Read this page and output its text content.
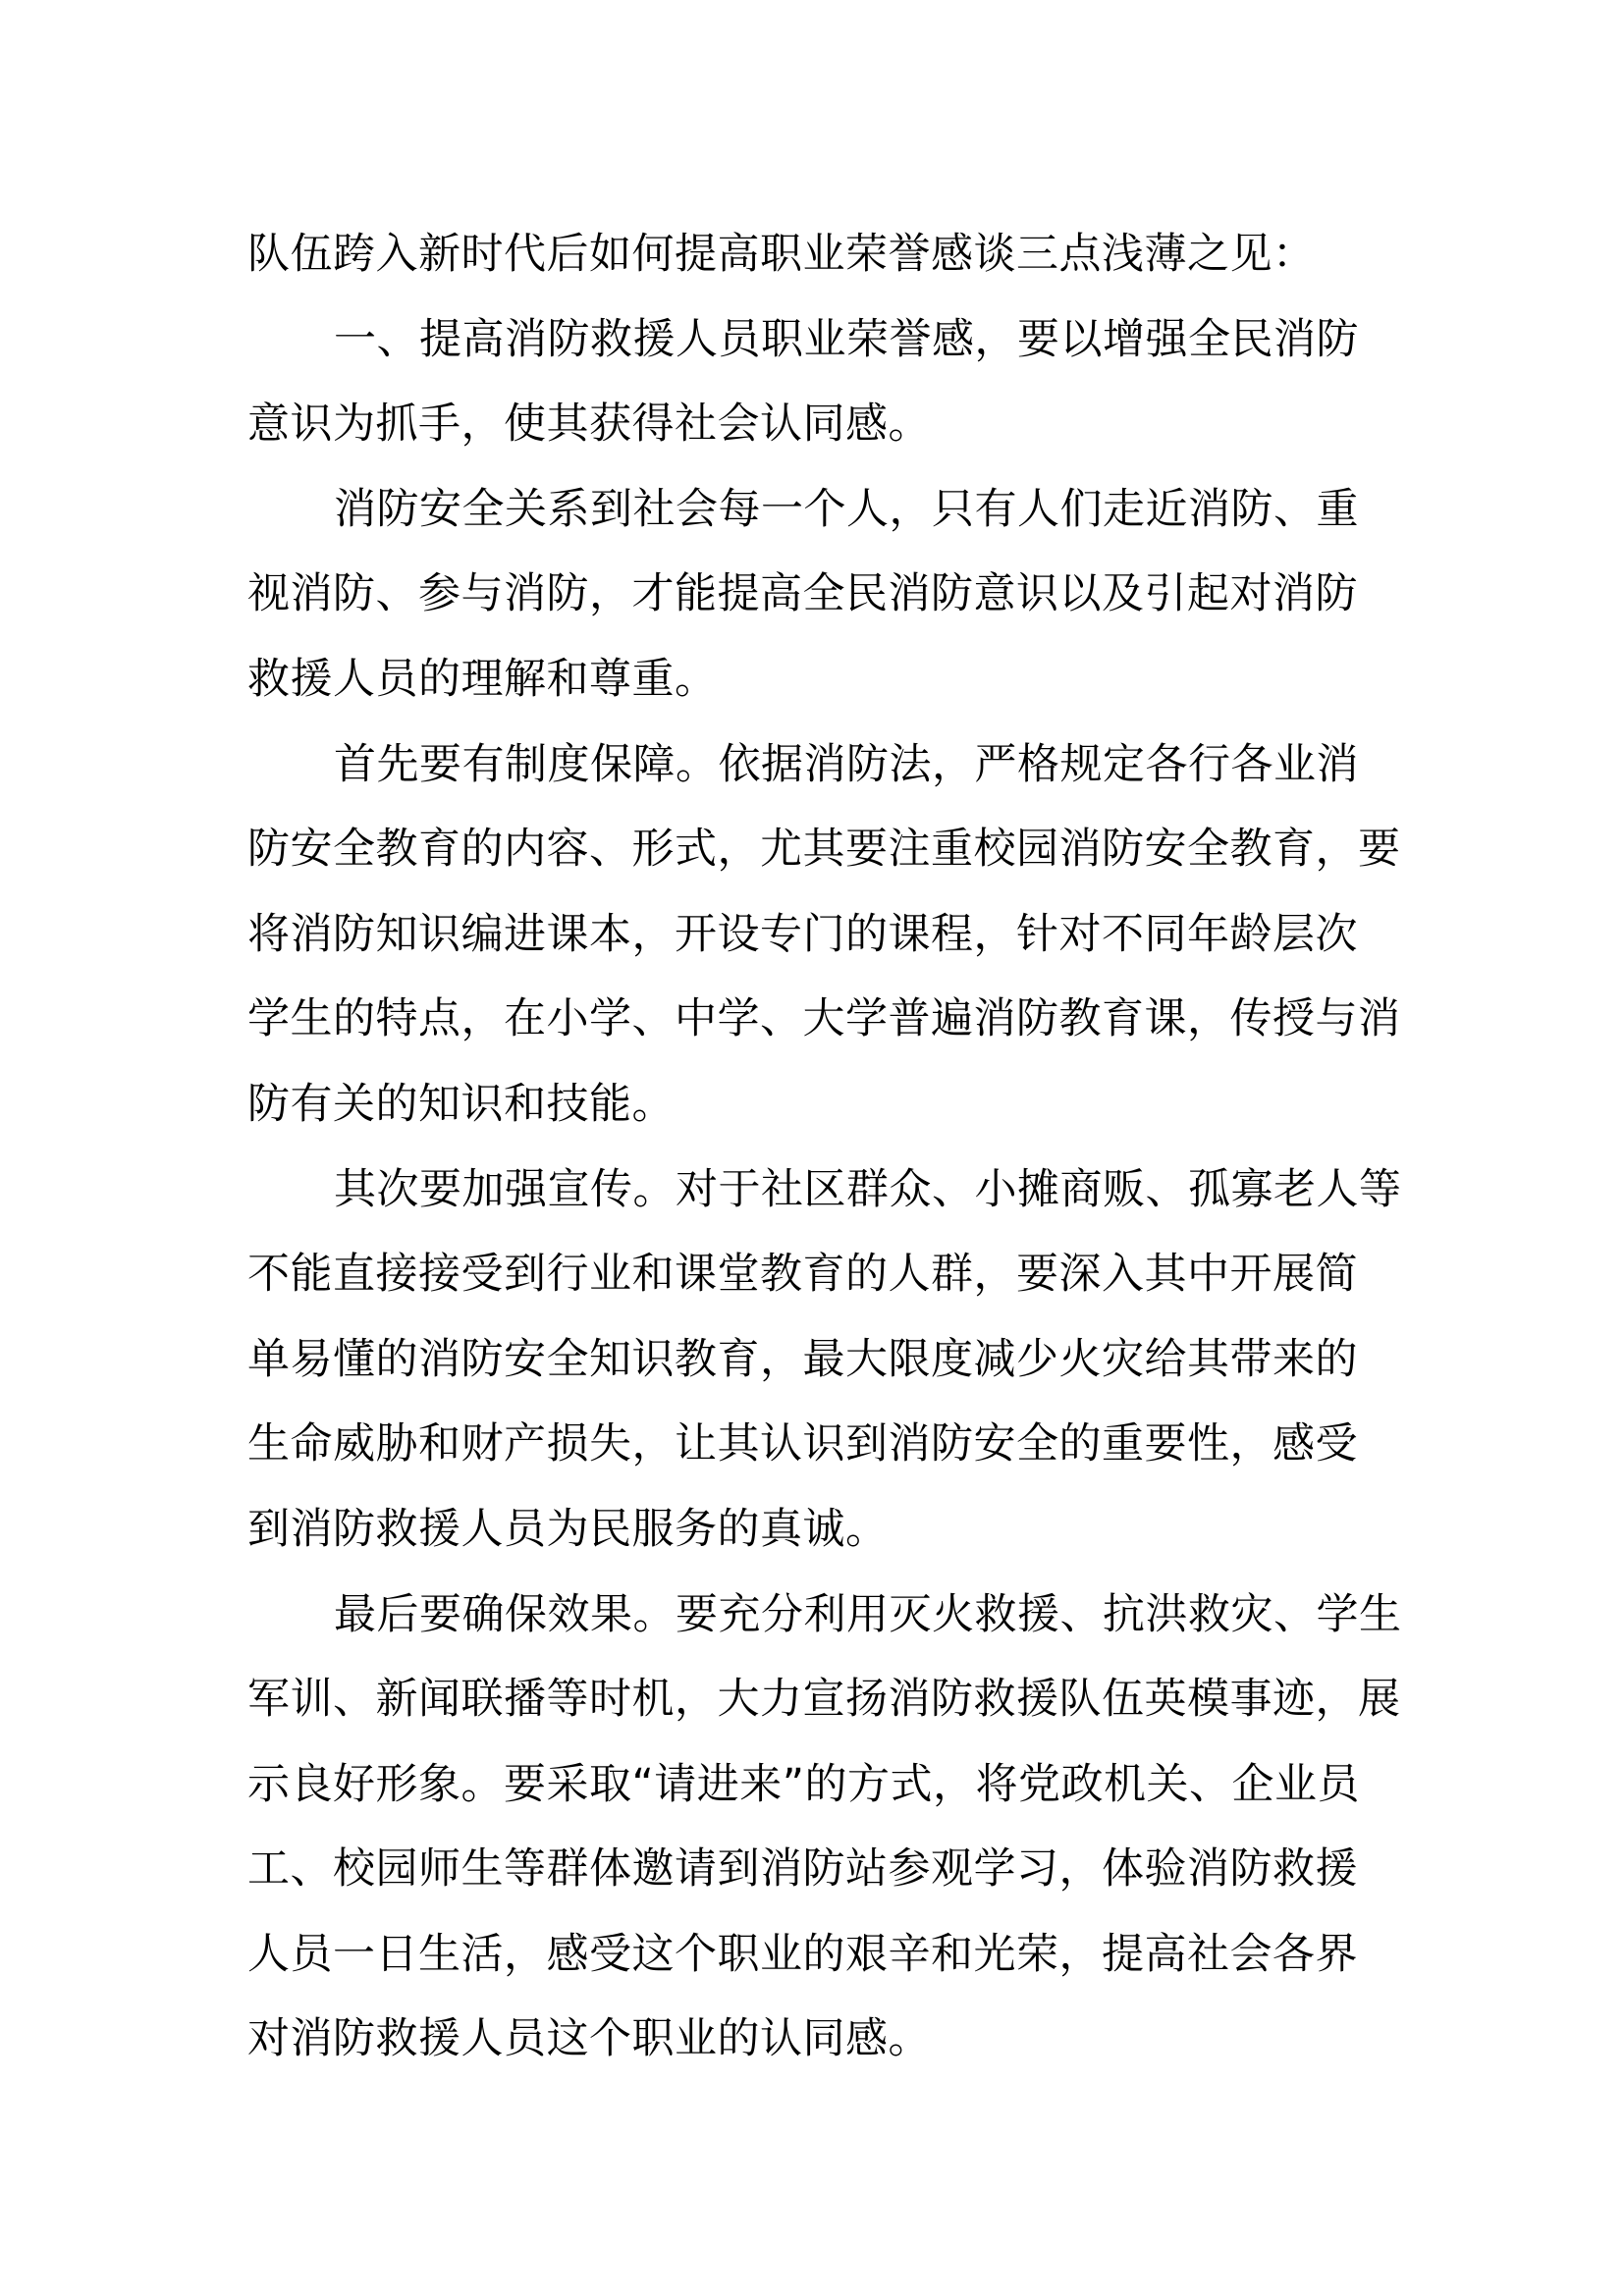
队伍跨入新时代后如何提高职业荣誉感谈三点浅薄之见：
一、提高消防救援人员职业荣誉感，要以增强全民消防
意识为抓手，使其获得社会认同感。
消防安全关系到社会每一个人，只有人们走近消防、重
视消防、参与消防，才能提高全民消防意识以及引起对消防
救援人员的理解和尊重。
首先要有制度保障。依据消防法，严格规定各行各业消
防安全教育的内容、形式，尤其要注重校园消防安全教育，要
将消防知识编进课本，开设专门的课程，针对不同年龄层次
学生的特点，在小学、中学、大学普遍消防教育课，传授与消
防有关的知识和技能。
其次要加强宣传。对于社区群众、小摊商贩、孤寡老人等
不能直接接受到行业和课堂教育的人群，要深入其中开展简
单易懂的消防安全知识教育，最大限度减少火灾给其带来的
生命威胁和财产损失，让其认识到消防安全的重要性，感受
到消防救援人员为民服务的真诚。
最后要确保效果。要充分利用灭火救援、抗洪救灾、学生
军训、新闻联播等时机，大力宣扬消防救援队伍英模事迹，展
示良好形象。要采取“请进来”的方式，将党政机关、企业员
工、校园师生等群体邀请到消防站参观学习，体验消防救援
人员一日生活，感受这个职业的艰辛和光荣，提高社会各界
对消防救援人员这个职业的认同感。
